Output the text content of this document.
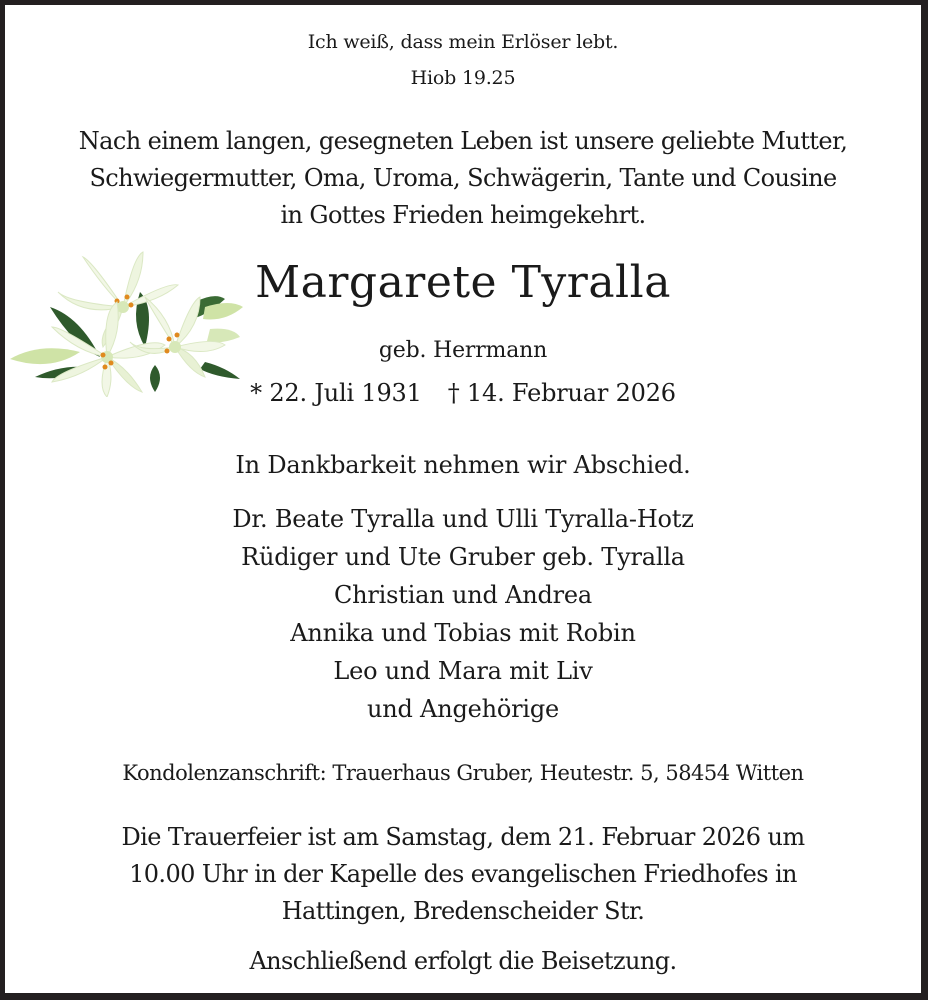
Ich weiß, dass mein Erlöser lebt.
Hiob 19.25
Nach einem langen, gesegneten Leben ist unsere geliebte Mutter,
Schwiegermutter, Oma, Uroma, Schwägerin, Tante und Cousine
in Gottes Frieden heimgekehrt.
Margarete Tyralla
geb. Herrmann
* 22. Juli 1931 † 14. Februar 2026
In Dankbarkeit nehmen wir Abschied.
Dr. Beate Tyralla und Ulli Tyralla-Hotz
Rüdiger und Ute Gruber geb. Tyralla
Christian und Andrea
Annika und Tobias mit Robin
Leo und Mara mit Liv
und Angehörige
Kondolenzanschrift: Trauerhaus Gruber, Heutestr. 5, 58454 Witten
Die Trauerfeier ist am Samstag, dem 21. Februar 2026 um
10.00 Uhr in der Kapelle des evangelischen Friedhofes in
Hattingen, Bredenscheider Str.
Anschließend erfolgt die Beisetzung.
